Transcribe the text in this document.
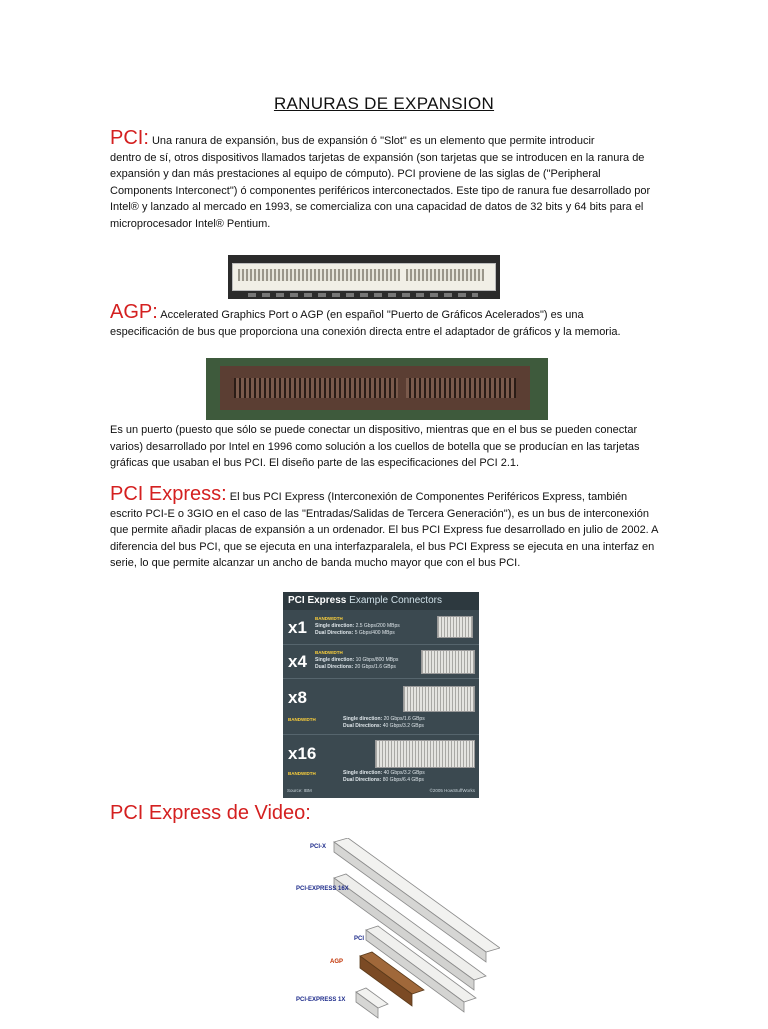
RANURAS DE EXPANSION

PCI: Una ranura de expansión, bus de expansión ó "Slot" es un elemento que permite introducir
dentro de sí, otros dispositivos llamados tarjetas de expansión (son tarjetas que se introducen en la ranura de expansión y dan más prestaciones al equipo de cómputo). PCI proviene de las siglas de ("Peripheral Components Interconect") ó componentes periféricos interconectados. Este tipo de ranura fue desarrollado por Intel® y lanzado al mercado en 1993, se comercializa con una capacidad de datos de 32 bits y 64 bits para el microprocesador Intel® Pentium.

AGP: Accelerated Graphics Port o AGP (en español "Puerto de Gráficos Acelerados") es una
especificación de bus que proporciona una conexión directa entre el adaptador de gráficos y la memoria.

Es un puerto (puesto que sólo se puede conectar un dispositivo, mientras que en el bus se pueden conectar varios) desarrollado por Intel en 1996 como solución a los cuellos de botella que se producían en las tarjetas gráficas que usaban el bus PCI. El diseño parte de las especificaciones del PCI 2.1.

PCI Express: El bus PCI Express (Interconexión de Componentes Periféricos Express, también
escrito PCI-E o 3GIO en el caso de las "Entradas/Salidas de Tercera Generación"), es un bus de interconexión que permite añadir placas de expansión a un ordenador. El bus PCI Express fue desarrollado en julio de 2002. A diferencia del bus PCI, que se ejecuta en una interfazparalela, el bus PCI Express se ejecuta en una interfaz en serie, lo que permite alcanzar un ancho de banda mucho mayor que con el bus PCI.

PCI Express Example Connectors
x1 BANDWIDTH
Single direction: 2.5 Gbps/200 MBps
Dual Directions: 5 Gbps/400 MBps
x4 BANDWIDTH
Single direction: 10 Gbps/800 MBps
Dual Directions: 20 Gbps/1.6 GBps
x8
BANDWIDTH	Single direction: 20 Gbps/1.6 GBps
Dual Directions: 40 Gbps/3.2 GBps
x16
BANDWIDTH	Single direction: 40 Gbps/3.2 GBps
Dual Directions: 80 Gbps/6.4 GBps
Source: IBM	©2005 HowStuffWorks
PCI Express de Video:
PCI-X
PCI-EXPRESS 16X
PCI
AGP
PCI-EXPRESS 1X
